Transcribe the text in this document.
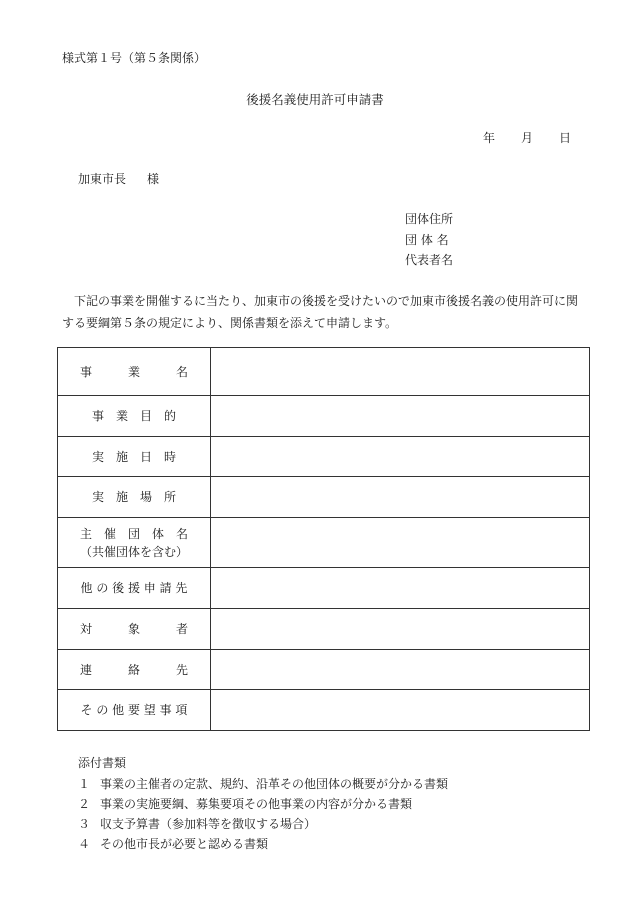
様式第１号（第５条関係）
後援名義使用許可申請書
年 月 日
加東市長 様
団体住所
団 体 名
代表者名
下記の事業を開催するに当たり、加東市の後援を受けたいので加東市後援名義の使用許可に関する要綱第５条の規定により、関係書類を添えて申請します。
事　　　業　　　名	
事　業　目　的	
実　施　日　時	
実　施　場　所	

主　催　団　体　名
（共催団体を含む）	

他 の 後 援 申 請 先	
対　　　象　　　者	
連　　　絡　　　先	
そ の 他 要 望 事 項	
添付書類
１ 事業の主催者の定款、規約、沿革その他団体の概要が分かる書類
２ 事業の実施要綱、募集要項その他事業の内容が分かる書類
３ 収支予算書（参加料等を徴収する場合）
４ その他市長が必要と認める書類
